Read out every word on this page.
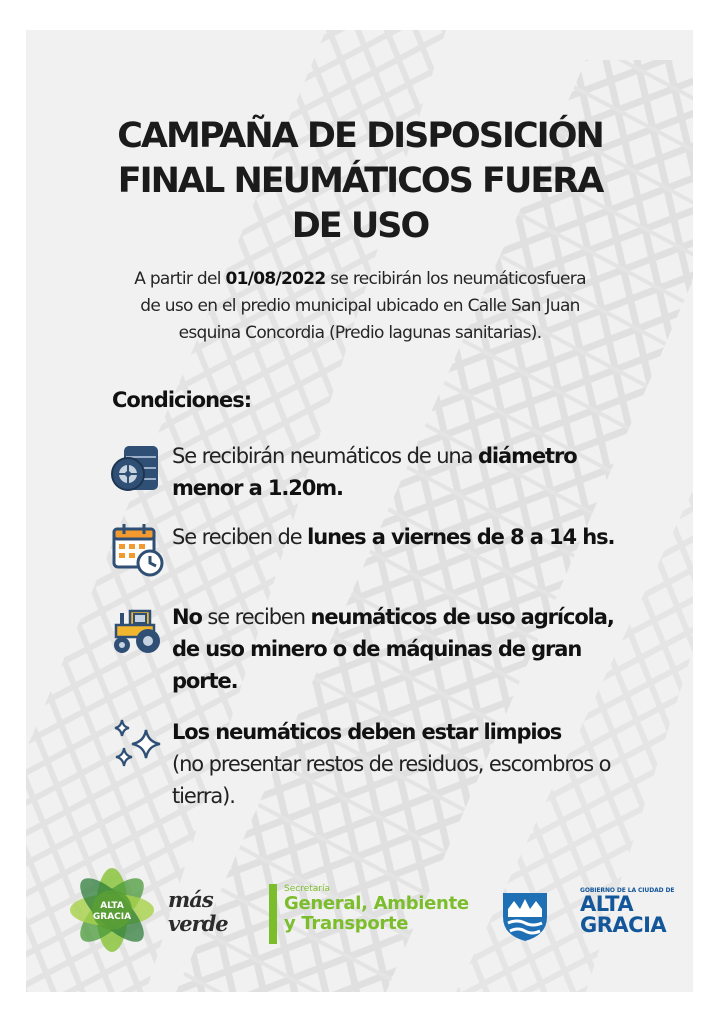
CAMPAÑA DE DISPOSICIÓN
FINAL NEUMÁTICOS FUERA
DE USO

A partir del 01/08/2022 se recibirán los neumáticosfuera
de uso en el predio municipal ubicado en Calle San Juan
esquina Concordia (Predio lagunas sanitarias).

Condiciones:

Se recibirán neumáticos de una diámetro menor a 1.20m.

Se reciben de lunes a viernes de 8 a 14 hs.

No se reciben neumáticos de uso agrícola, de uso minero o de máquinas de gran porte.

Los neumáticos deben estar limpios
(no presentar restos de residuos, escombros o tierra).

ALTA
GRACIA
más
verde
Secretaría
General, Ambiente
y Transporte
GOBIERNO DE LA CIUDAD DE
ALTA
GRACIA
